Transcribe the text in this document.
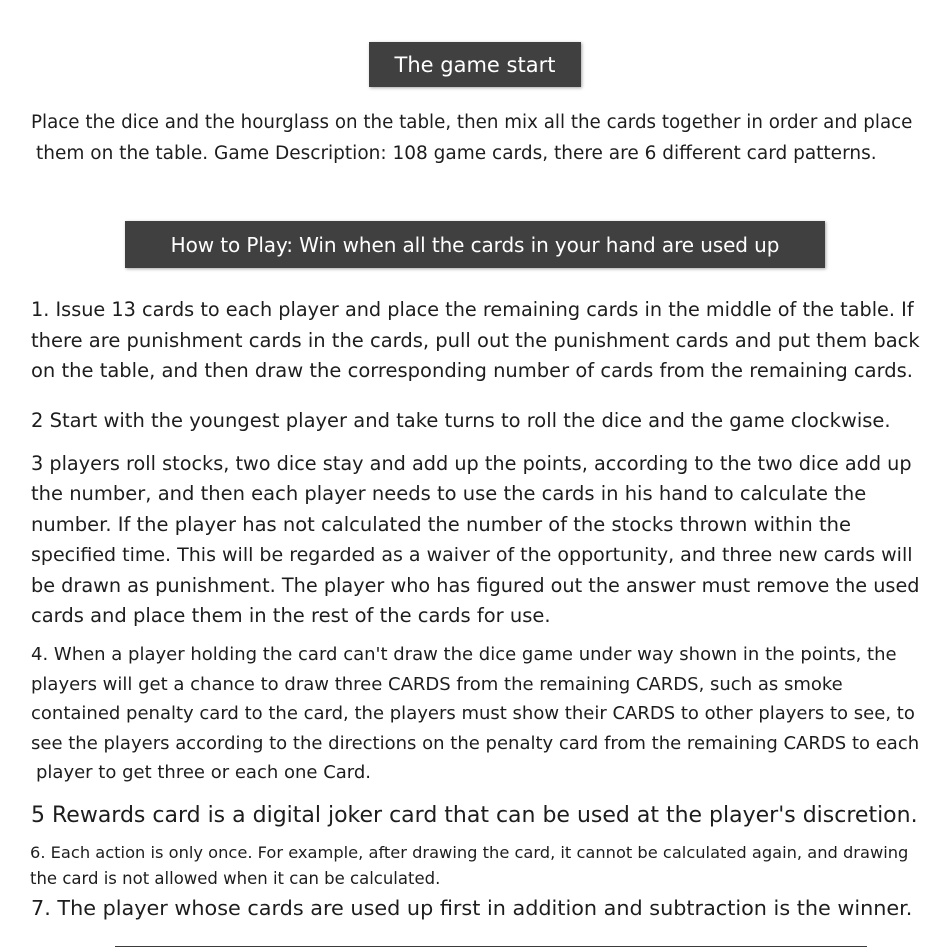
The game start

Place the dice and the hourglass on the table, then mix all the cards together in order and place
them on the table. Game Description: 108 game cards, there are 6 different card patterns.

How to Play: Win when all the cards in your hand are used up

1. Issue 13 cards to each player and place the remaining cards in the middle of the table. If
there are punishment cards in the cards, pull out the punishment cards and put them back
on the table, and then draw the corresponding number of cards from the remaining cards.

2 Start with the youngest player and take turns to roll the dice and the game clockwise.

3 players roll stocks, two dice stay and add up the points, according to the two dice add up
the number, and then each player needs to use the cards in his hand to calculate the
number. If the player has not calculated the number of the stocks thrown within the
specified time. This will be regarded as a waiver of the opportunity, and three new cards will
be drawn as punishment. The player who has figured out the answer must remove the used
cards and place them in the rest of the cards for use.

4. When a player holding the card can't draw the dice game under way shown in the points, the
players will get a chance to draw three CARDS from the remaining CARDS, such as smoke
contained penalty card to the card, the players must show their CARDS to other players to see, to
see the players according to the directions on the penalty card from the remaining CARDS to each
player to get three or each one Card.

5 Rewards card is a digital joker card that can be used at the player's discretion.

6. Each action is only once. For example, after drawing the card, it cannot be calculated again, and drawing
the card is not allowed when it can be calculated.

7. The player whose cards are used up first in addition and subtraction is the winner.
